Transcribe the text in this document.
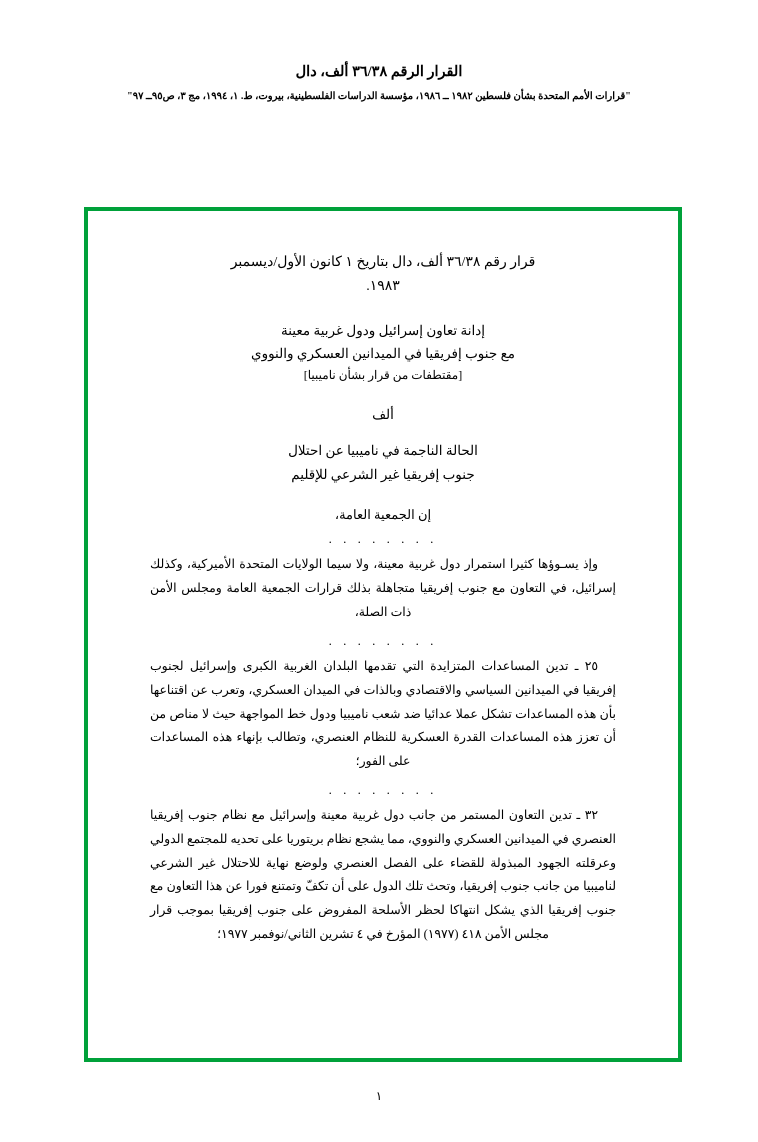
القرار الرقم ٣٦/٣٨ ألف، دال
"قرارات الأمم المتحدة بشأن فلسطين ١٩٨٢ ــ ١٩٨٦، مؤسسة الدراسات الفلسطينية، بيروت، ط. ١، ١٩٩٤، مج ٣، ص٩٥ــ ٩٧"
قرار رقم ٣٦/٣٨ ألف، دال بتاريخ ١ كانون الأول/ديسمبر
١٩٨٣.
إدانة تعاون إسرائيل ودول غربية معينة
مع جنوب إفريقيا في الميدانين العسكري والنووي
[مقتطفات من قرار بشأن ناميبيا]
ألف
الحالة الناجمة في ناميبيا عن احتلال
جنوب إفريقيا غير الشرعي للإقليم
إن الجمعية العامة،
. . . . . . . .

وإذ يسـوؤها كثيرا استمرار دول غربية معينة، ولا سيما الولايات المتحدة الأميركية، وكذلك إسرائيل، في التعاون مع جنوب إفريقيا متجاهلة بذلك قرارات الجمعية العامة ومجلس الأمن ذات الصلة،

. . . . . . . .

٢٥ ـ تدين المساعدات المتزايدة التي تقدمها البلدان الغربية الكبرى وإسرائيل لجنوب إفريقيا في الميدانين السياسي والاقتصادي وبالذات في الميدان العسكري، وتعرب عن اقتناعها بأن هذه المساعدات تشكل عملا عدائيا ضد شعب ناميبيا ودول خط المواجهة حيث لا مناص من أن تعزز هذه المساعدات القدرة العسكرية للنظام العنصري، وتطالب بإنهاء هذه المساعدات على الفور؛

. . . . . . . .

٣٢ ـ تدين التعاون المستمر من جانب دول غربية معينة وإسرائيل مع نظام جنوب إفريقيا العنصري في الميدانين العسكري والنووي، مما يشجع نظام بريتوريا على تحديه للمجتمع الدولي وعرقلته الجهود المبذولة للقضاء على الفصل العنصري ولوضع نهاية للاحتلال غير الشرعي لناميبيا من جانب جنوب إفريقيا، وتحث تلك الدول على أن تكفّ وتمتنع فورا عن هذا التعاون مع جنوب إفريقيا الذي يشكل انتهاكا لحظر الأسلحة المفروض على جنوب إفريقيا بموجب قرار مجلس الأمن ٤١٨ (١٩٧٧) المؤرخ في ٤ تشرين الثاني/نوفمبر ١٩٧٧؛

١
